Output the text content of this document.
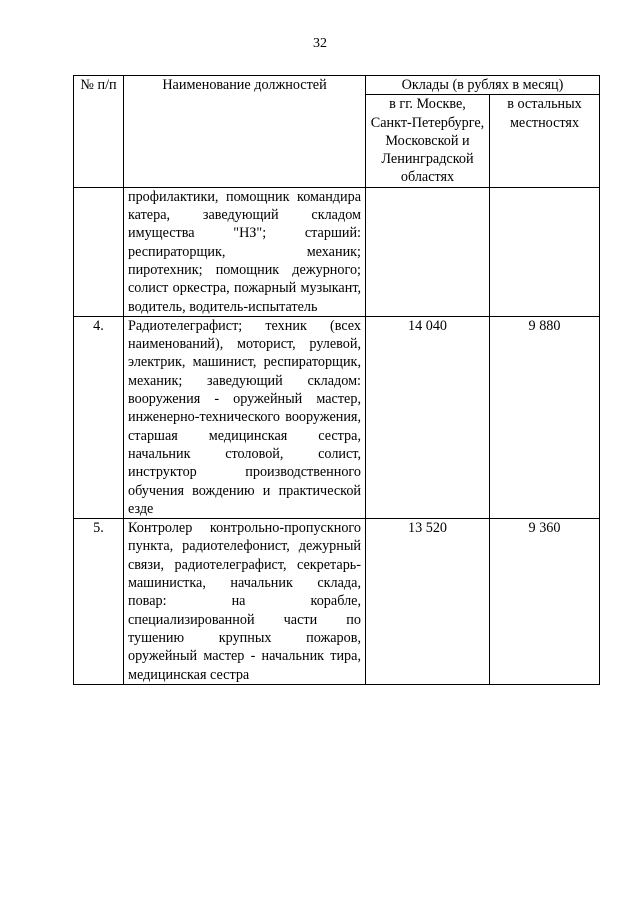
32
№ п/п	Наименование должностей	Оклады (в рублях в месяц)	
		в гг. Москве, Санкт-Петербурге, Московской и Ленинградской областях	в остальных местностях
	профилактики, помощник командира катера, заведующий складом имущества "НЗ"; старший: респираторщик, механик; пиротехник; помощник дежурного; солист оркестра, пожарный музыкант, водитель, водитель-испытатель		
4.	Радиотелеграфист; техник (всех наименований), моторист, рулевой, электрик, машинист, респираторщик, механик; заведующий складом: вооружения - оружейный мастер, инженерно-технического вооружения, старшая медицинская сестра, начальник столовой, солист, инструктор производственного обучения вождению и практической езде	14 040	9 880
5.	Контролер контрольно-пропускного пункта, радиотелефонист, дежурный связи, радиотелеграфист, секретарь-машинистка, начальник склада, повар: на корабле, специализированной части по тушению крупных пожаров, оружейный мастер - начальник тира, медицинская сестра	13 520	9 360
